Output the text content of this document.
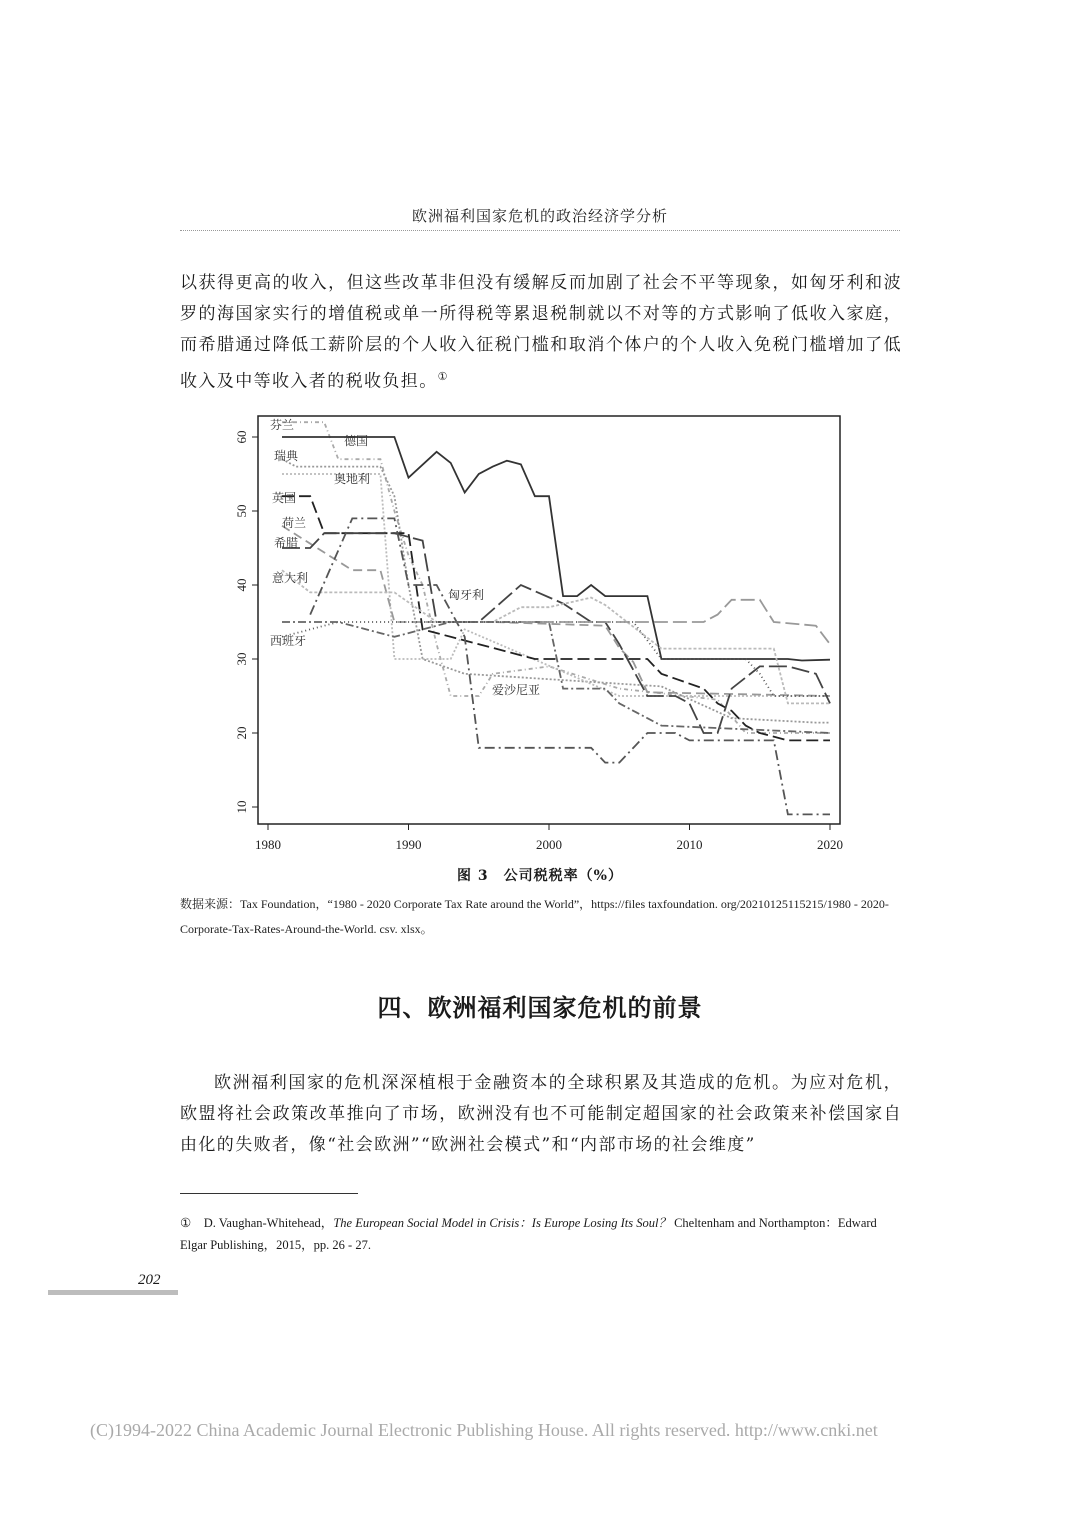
欧洲福利国家危机的政治经济学分析
以获得更高的收入，但这些改革非但没有缓解反而加剧了社会不平等现象，如匈牙利和波罗的海国家实行的增值税或单一所得税等累退税制就以不对等的方式影响了低收入家庭，而希腊通过降低工薪阶层的个人收入征税门槛和取消个体户的个人收入免税门槛增加了低收入及中等收入者的税收负担。①
1980	1990	2000	2010	2020
10
20
30
40
50
60
芬兰
德国
瑞典
奥地利
英国
荷兰
希腊
意大利
匈牙利
西班牙
爱沙尼亚
图 3　公司税税率（%）
数据来源：Tax Foundation，“1980 - 2020 Corporate Tax Rate around the World”，https://files taxfoundation. org/20210125115215/1980 - 2020-Corporate-Tax-Rates-Around-the-World. csv. xlsx。
四、欧洲福利国家危机的前景
欧洲福利国家的危机深深植根于金融资本的全球积累及其造成的危机。为应对危机，欧盟将社会政策改革推向了市场，欧洲没有也不可能制定超国家的社会政策来补偿国家自由化的失败者，像“社会欧洲”“欧洲社会模式”和“内部市场的社会维度”
① D. Vaughan-Whitehead，The European Social Model in Crisis：Is Europe Losing Its Soul？ Cheltenham and Northampton：Edward Elgar Publishing，2015，pp. 26 - 27.
202
(C)1994-2022 China Academic Journal Electronic Publishing House. All rights reserved. http://www.cnki.net
